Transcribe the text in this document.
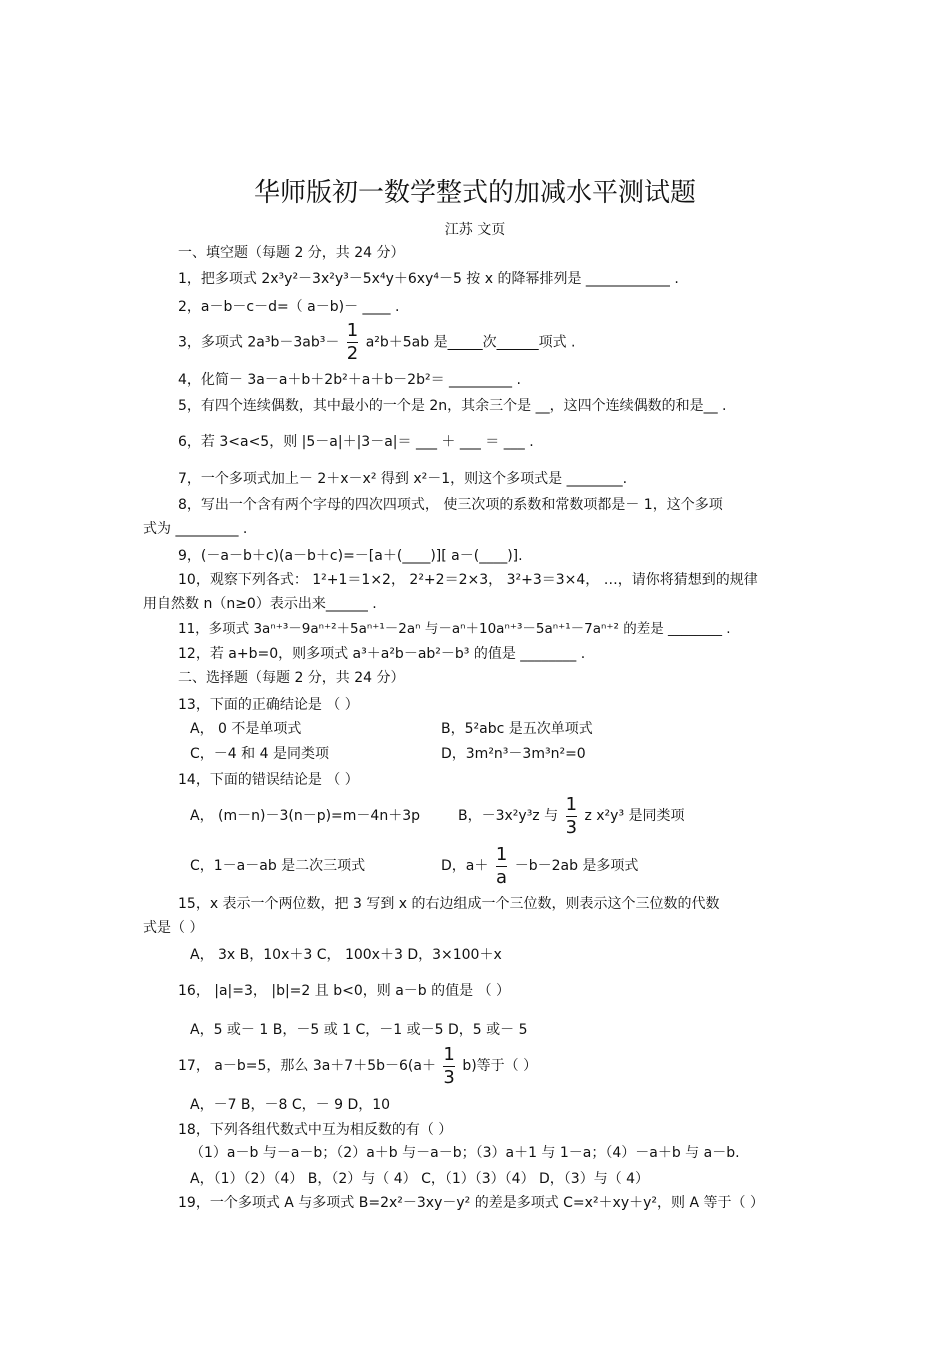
华师版初一数学整式的加减水平测试题
江苏 文页
一、填空题（每题 2 分，共 24 分）
1，把多项式 2x³y²－3x²y³－5x⁴y＋6xy⁴－5 按 x 的降幂排列是 ____________ .
2，a－b－c－d=（ a－b)－ ____ .
3，多项式 $2a^3b-3ab^3- \frac{1}{2} a^2b+5ab$ 是_____次______项式 .
4，化简－ 3a－a＋b＋2b²＋a＋b－2b²＝ _________ .
5，有四个连续偶数，其中最小的一个是 2n，其余三个是 __，这四个连续偶数的和是__ .
6，若 3<a<5，则 |5－a|＋|3－a|＝ ___ ＋ ___ ＝ ___ .
7，一个多项式加上－ 2＋x－x² 得到 x²－1，则这个多项式是 ________.
8，写出一个含有两个字母的四次四项式， 使三次项的系数和常数项都是－ 1，这个多项
式为 _________ .
9，(－a－b＋c)(a－b＋c)=－[a＋(____)][ a－(____)].
10，观察下列各式： 1²+1＝1×2， 2²+2＝2×3， 3²+3＝3×4， …，请你将猜想到的规律
用自然数 n（n≥0）表示出来______ .
11，多项式 3aⁿ⁺³－9aⁿ⁺²＋5aⁿ⁺¹－2aⁿ 与－aⁿ＋10aⁿ⁺³－5aⁿ⁺¹－7aⁿ⁺² 的差是 ________ .
12，若 a+b=0，则多项式 a³＋a²b－ab²－b³ 的值是 ________ .
二、选择题（每题 2 分，共 24 分）
13，下面的正确结论是 （ ）
A， 0 不是单项式	B，5²abc 是五次单项式
C，－4 和 4 是同类项	D，3m²n³－3m³n²=0
14，下面的错误结论是 （ ）
A， (m－n)－3(n－p)=m－4n＋3p	B，－3x²y³z 与 $\frac{1}{3}$ z x²y³ 是同类项
C，1－a－ab 是二次三项式	D，$a+ \frac{1}{a} -b-2ab$ 是多项式
15，x 表示一个两位数，把 3 写到 x 的右边组成一个三位数，则表示这个三位数的代数
式是（ ）
A， 3x B，10x＋3 C， 100x＋3 D，3×100＋x
16， |a|=3， |b|=2 且 b<0，则 a－b 的值是 （ ）
A，5 或－ 1 B，－5 或 1 C，－1 或－5 D，5 或－ 5
17， a－b=5，那么 $3a+7+5b-6(a+ \frac{1}{3} b)$等于（ ）
A，－7 B，－8 C，－ 9 D，10
18，下列各组代数式中互为相反数的有（ ）
（1）a－b 与－a－b；（2）a＋b 与－a－b；（3）a＋1 与 1－a；（4）－a＋b 与 a－b.
A，（1）（2）（4） B，（2）与（ 4） C，（1）（3）（4） D，（3）与（ 4）
19，一个多项式 A 与多项式 B=2x²－3xy－y² 的差是多项式 C=x²＋xy＋y²，则 A 等于（ ）
